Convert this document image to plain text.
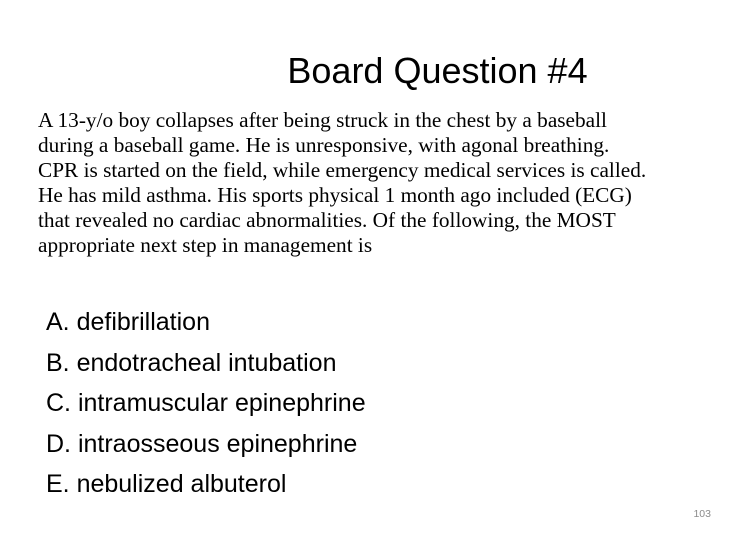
Board Question #4

A 13-y/o boy collapses after being struck in the chest by a baseball
during a baseball game. He is unresponsive, with agonal breathing.
CPR is started on the field, while emergency medical services is called.
He has mild asthma. His sports physical 1 month ago included (ECG)
that revealed no cardiac abnormalities. Of the following, the MOST
appropriate next step in management is

A. defibrillation
B. endotracheal intubation
C. intramuscular epinephrine
D. intraosseous epinephrine
E. nebulized albuterol
103
